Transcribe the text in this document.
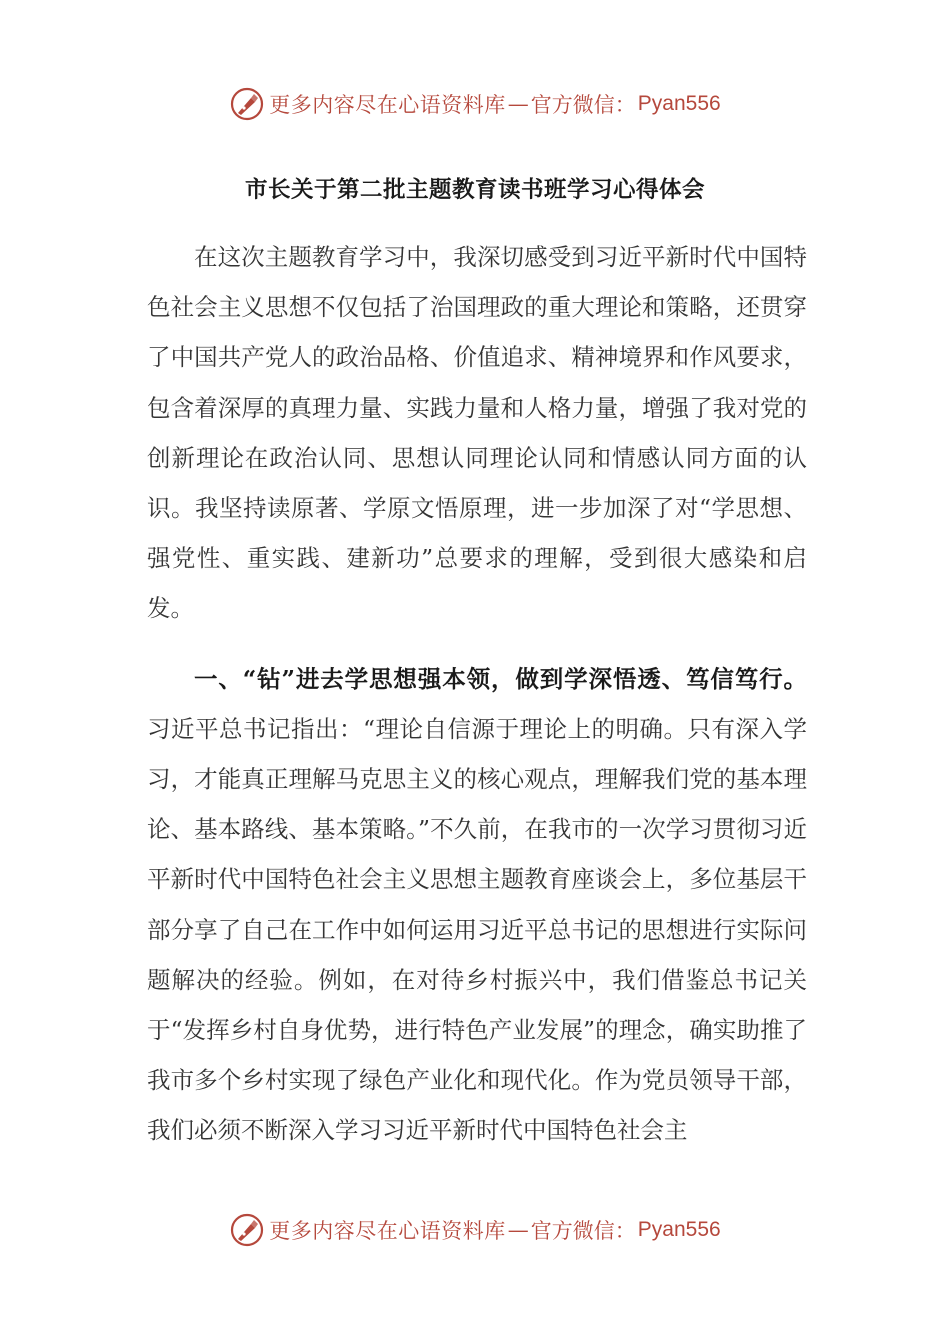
更多内容尽在心语资料库 — 官方微信： Pyan556
市长关于第二批主题教育读书班学习心得体会

在这次主题教育学习中，我深切感受到习近平新时代中国特色社会主义思想不仅包括了治国理政的重大理论和策略，还贯穿了中国共产党人的政治品格、价值追求、精神境界和作风要求，包含着深厚的真理力量、实践力量和人格力量，增强了我对党的创新理论在政治认同、思想认同理论认同和情感认同方面的认识。我坚持读原著、学原文悟原理，进一步加深了对“学思想、强党性、重实践、建新功”总要求的理解，受到很大感染和启发。

一、“钻”进去学思想强本领，做到学深悟透、笃信笃行。习近平总书记指出：“理论自信源于理论上的明确。只有深入学习，才能真正理解马克思主义的核心观点，理解我们党的基本理论、基本路线、基本策略。”不久前，在我市的一次学习贯彻习近平新时代中国特色社会主义思想主题教育座谈会上，多位基层干部分享了自己在工作中如何运用习近平总书记的思想进行实际问题解决的经验。例如，在对待乡村振兴中，我们借鉴总书记关于“发挥乡村自身优势，进行特色产业发展”的理念，确实助推了我市多个乡村实现了绿色产业化和现代化。作为党员领导干部，我们必须不断深入学习习近平新时代中国特色社会主

更多内容尽在心语资料库 — 官方微信： Pyan556
